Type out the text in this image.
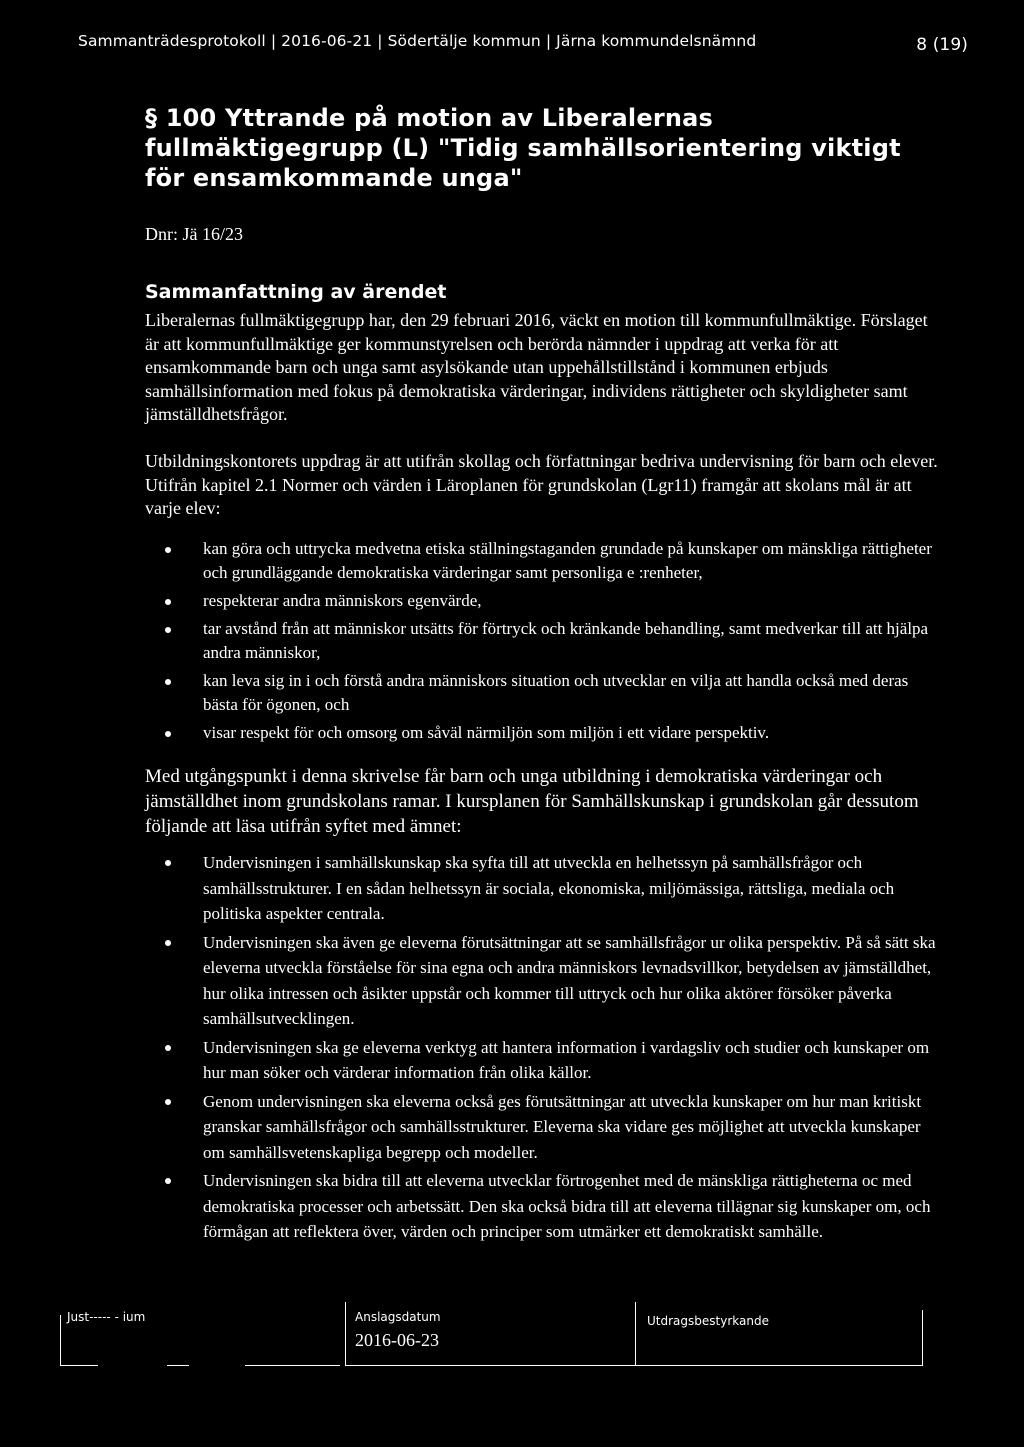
Sammanträdesprotokoll | 2016-06-21 | Södertälje kommun | Järna kommundelsnämnd	8 (19)
§ 100 Yttrande på motion av Liberalernas fullmäktigegrupp (L) "Tidig samhällsorientering viktigt för ensamkommande unga"
Dnr: Jä 16/23
Sammanfattning av ärendet

Liberalernas fullmäktigegrupp har, den 29 februari 2016, väckt en motion till kommunfullmäktige. Förslaget är att kommunfullmäktige ger kommunstyrelsen och berörda nämnder i uppdrag att verka för att ensamkommande barn och unga samt asylsökande utan uppehållstillstånd i kommunen erbjuds samhällsinformation med fokus på demokratiska värderingar, individens rättigheter och skyldigheter samt jämställdhetsfrågor.

Utbildningskontorets uppdrag är att utifrån skollag och författningar bedriva undervisning för barn och elever. Utifrån kapitel 2.1 Normer och värden i Läroplanen för grundskolan (Lgr11) framgår att skolans mål är att varje elev:

kan göra och uttrycka medvetna etiska ställningstaganden grundade på kunskaper om mänskliga rättigheter och grundläggande demokratiska värderingar samt personliga e :renheter,
respekterar andra människors egenvärde,
tar avstånd från att människor utsätts för förtryck och kränkande behandling, samt medverkar till att hjälpa andra människor,
kan leva sig in i och förstå andra människors situation och utvecklar en vilja att handla också med deras bästa för ögonen, och
visar respekt för och omsorg om såväl närmiljön som miljön i ett vidare perspektiv.

Med utgångspunkt i denna skrivelse får barn och unga utbildning i demokratiska värderingar och jämställdhet inom grundskolans ramar. I kursplanen för Samhällskunskap i grundskolan går dessutom följande att läsa utifrån syftet med ämnet:

Undervisningen i samhällskunskap ska syfta till att utveckla en helhetssyn på samhällsfrågor och samhällsstrukturer. I en sådan helhetssyn är sociala, ekonomiska, miljömässiga, rättsliga, mediala och politiska aspekter centrala.
Undervisningen ska även ge eleverna förutsättningar att se samhällsfrågor ur olika perspektiv. På så sätt ska eleverna utveckla förståelse för sina egna och andra människors levnadsvillkor, betydelsen av jämställdhet, hur olika intressen och åsikter uppstår och kommer till uttryck och hur olika aktörer försöker påverka samhällsutvecklingen.
Undervisningen ska ge eleverna verktyg att hantera information i vardagsliv och studier och kunskaper om hur man söker och värderar information från olika källor.
Genom undervisningen ska eleverna också ges förutsättningar att utveckla kunskaper om hur man kritiskt granskar samhällsfrågor och samhällsstrukturer. Eleverna ska vidare ges möjlighet att utveckla kunskaper om samhällsvetenskapliga begrepp och modeller.
Undervisningen ska bidra till att eleverna utvecklar förtrogenhet med de mänskliga rättigheterna oc med demokratiska processer och arbetssätt. Den ska också bidra till att eleverna tillägnar sig kunskaper om, och förmågan att reflektera över, värden och principer som utmärker ett demokratiskt samhälle.
Just‐‐‐‐‐ ‐ ium	Anslagsdatum
2016-06-23
Utdragsbestyrkande
